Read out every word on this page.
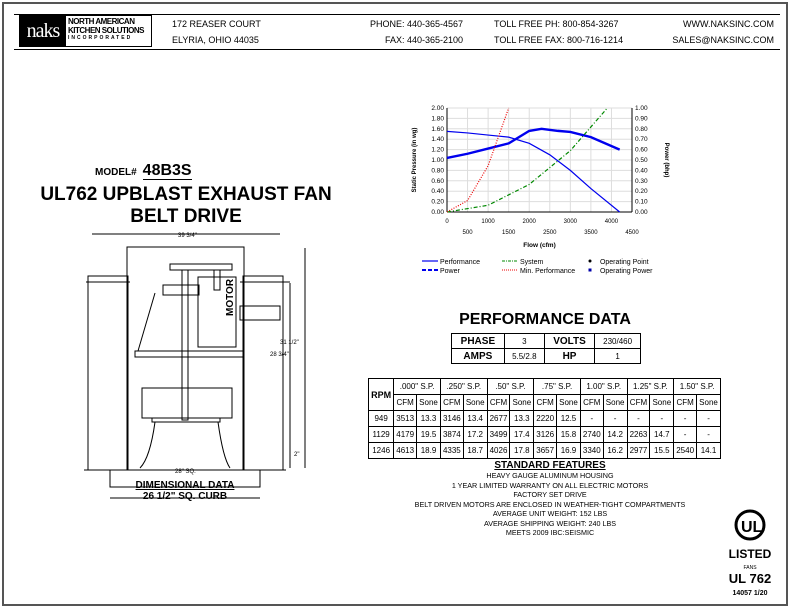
naks	NORTH AMERICAN
KITCHEN SOLUTIONS
INCORPORATED
172 REASER COURT
ELYRIA, OHIO 44035
PHONE: 440-365-4567
FAX: 440-365-2100
TOLL FREE PH: 800-854-3267
TOLL FREE FAX: 800-716-1214
WWW.NAKSINC.COM
SALES@NAKSINC.COM
MODEL# 48B3S
UL762 UPBLAST EXHAUST FAN
BELT DRIVE
MOTOR
39 3/4"
31 1/2"
28 3/4"
2"
28" SQ.
DIMENSIONAL DATA
26 1/2" SQ. CURB
0.00
0.20
0.40
0.60
0.80
1.00
1.20
1.40
1.60
1.80
2.00
0.00
0.10
0.20
0.30
0.40
0.50
0.60
0.70
0.80
0.90
1.00
0	1000	2000	3000	4000
500	1500	2500	3500	4500
Flow (cfm)
Static Pressure (in wg)	Power (bhp)
Performance	System	Operating Point
Power	Min. Performance	Operating Power
PERFORMANCE DATA
PHASE	3	VOLTS	230/460
AMPS	5.5/2.8	HP	1
RPM	.000" S.P.		.250" S.P.		.50" S.P.		.75" S.P.		1.00" S.P.		1.25" S.P.		1.50" S.P.	
	CFM	Sone	CFM	Sone	CFM	Sone	CFM	Sone	CFM	Sone	CFM	Sone	CFM	Sone
949	3513	13.3	3146	13.4	2677	13.3	2220	12.5	-	-	-	-	-	-
1129	4179	19.5	3874	17.2	3499	17.4	3126	15.8	2740	14.2	2263	14.7	-	-
1246	4613	18.9	4335	18.7	4026	17.8	3657	16.9	3340	16.2	2977	15.5	2540	14.1
STANDARD FEATURES
HEAVY GAUGE ALUMINUM HOUSING
1 YEAR LIMITED WARRANTY ON ALL ELECTRIC MOTORS
FACTORY SET DRIVE
BELT DRIVEN MOTORS ARE ENCLOSED IN WEATHER-TIGHT COMPARTMENTS
AVERAGE UNIT WEIGHT: 152 LBS
AVERAGE SHIPPING WEIGHT: 240 LBS
MEETS 2009 IBC:SEISMIC	UL
LISTED
FANS
UL 762
14057 1/20
